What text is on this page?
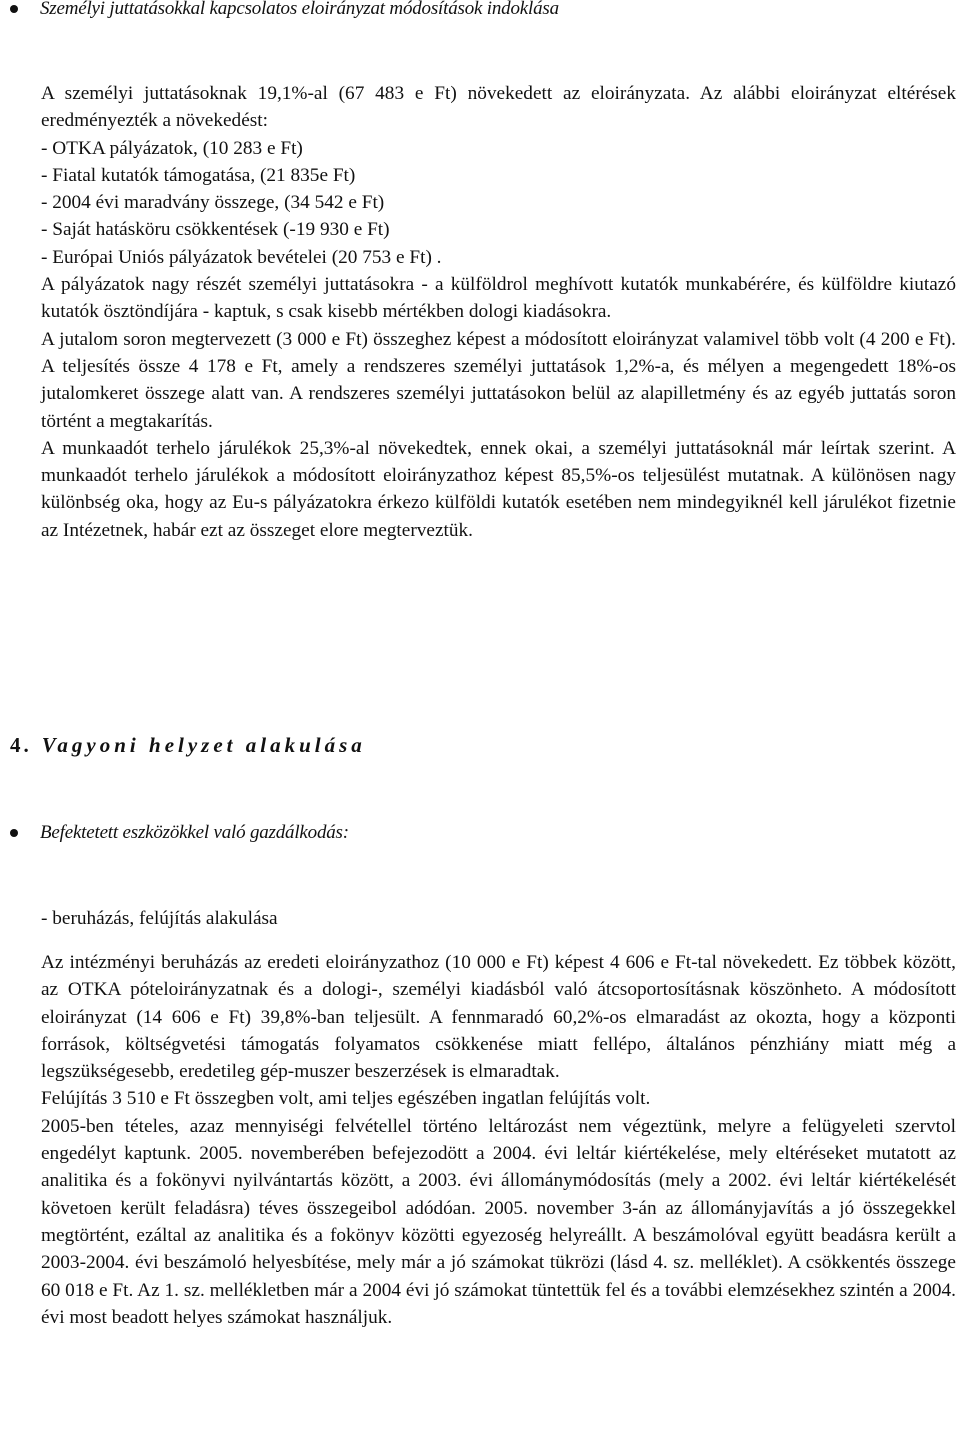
Személyi juttatásokkal kapcsolatos eloirányzat módosítások indoklása

A személyi juttatásoknak 19,1%-al (67 483 e Ft) növekedett az eloirányzata. Az alábbi eloirányzat eltérések eredményezték a növekedést:

- OTKA pályázatok, (10 283 e Ft)

- Fiatal kutatók támogatása, (21 835e Ft)

- 2004 évi maradvány összege, (34 542 e Ft)

- Saját hatásköru csökkentések (-19 930 e Ft)

- Európai Uniós pályázatok bevételei (20 753 e Ft) .

A pályázatok nagy részét személyi juttatásokra - a külföldrol meghívott kutatók munkabérére, és külföldre kiutazó kutatók ösztöndíjára - kaptuk, s csak kisebb mértékben dologi kiadásokra.

A jutalom soron megtervezett (3 000 e Ft) összeghez képest a módosított eloirányzat valamivel több volt (4 200 e Ft). A teljesítés össze 4 178 e Ft, amely a rendszeres személyi juttatások 1,2%-a, és mélyen a megengedett 18%-os jutalomkeret összege alatt van. A rendszeres személyi juttatásokon belül az alapilletmény és az egyéb juttatás soron történt a megtakarítás.

A munkaadót terhelo járulékok 25,3%-al növekedtek, ennek okai, a személyi juttatásoknál már leírtak szerint. A munkaadót terhelo járulékok a módosított eloirányzathoz képest 85,5%-os teljesülést mutatnak. A különösen nagy különbség oka, hogy az Eu-s pályázatokra érkezo külföldi kutatók esetében nem mindegyiknél kell járulékot fizetnie az Intézetnek, habár ezt az összeget elore megterveztük.

4. Vagyoni helyzet alakulása
Befektetett eszközökkel való gazdálkodás:
- beruházás, felújítás alakulása

Az intézményi beruházás az eredeti eloirányzathoz (10 000 e Ft) képest 4 606 e Ft-tal növekedett. Ez többek között, az OTKA póteloirányzatnak és a dologi-, személyi kiadásból való átcsoportosításnak köszönheto. A módosított eloirányzat (14 606 e Ft) 39,8%-ban teljesült. A fennmaradó 60,2%-os elmaradást az okozta, hogy a központi források, költségvetési támogatás folyamatos csökkenése miatt fellépo, általános pénzhiány miatt még a legszükségesebb, eredetileg gép-muszer beszerzések is elmaradtak.

Felújítás 3 510 e Ft összegben volt, ami teljes egészében ingatlan felújítás volt.

2005-ben tételes, azaz mennyiségi felvétellel történo leltározást nem végeztünk, melyre a felügyeleti szervtol engedélyt kaptunk. 2005. novemberében befejezodött a 2004. évi leltár kiértékelése, mely eltéréseket mutatott az analitika és a fokönyvi nyilvántartás között, a 2003. évi állománymódosítás (mely a 2002. évi leltár kiértékelését követoen került feladásra) téves összegeibol adódóan. 2005. november 3-án az állományjavítás a jó összegekkel megtörtént, ezáltal az analitika és a fokönyv közötti egyezoség helyreállt. A beszámolóval együtt beadásra került a 2003-2004. évi beszámoló helyesbítése, mely már a jó számokat tükrözi (lásd 4. sz. melléklet). A csökkentés összege 60 018 e Ft. Az 1. sz. mellékletben már a 2004 évi jó számokat tüntettük fel és a további elemzésekhez szintén a 2004. évi most beadott helyes számokat használjuk.
